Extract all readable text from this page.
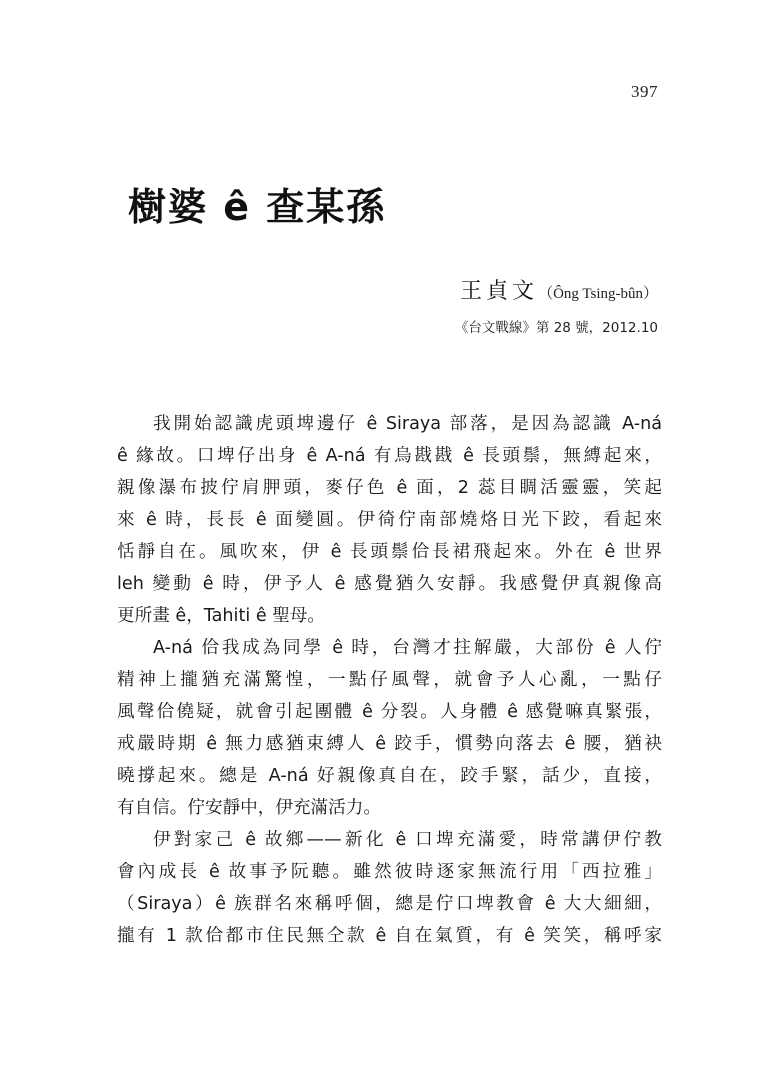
397
樹婆 ê 查某孫
王貞文（Ông Tsing-bûn）
《台文戰線》第 28 號，2012.10
我開始認識虎頭埤邊仔 ê Siraya 部落，是因為認識 A-ná
ê 緣故。口埤仔出身 ê A-ná 有烏戡戡 ê 長頭鬃，無縛起來，
親像瀑布披佇肩胛頭，麥仔色 ê 面，2 蕊目睭活靈靈，笑起
來 ê 時，長長 ê 面變圓。伊徛佇南部燒烙日光下跤，看起來
恬靜自在。風吹來，伊 ê 長頭鬃佮長裙飛起來。外在 ê 世界
leh 變動 ê 時，伊予人 ê 感覺猶久安靜。我感覺伊真親像高
更所畫 ê，Tahiti ê 聖母。
A-ná 佮我成為同學 ê 時，台灣才拄解嚴，大部份 ê 人佇
精神上攏猶充滿驚惶，一點仔風聲，就會予人心亂，一點仔
風聲佮僥疑，就會引起團體 ê 分裂。人身體 ê 感覺嘛真緊張，
戒嚴時期 ê 無力感猶束縛人 ê 跤手，慣勢向落去 ê 腰，猶袂
曉撐起來。總是 A-ná 好親像真自在，跤手緊，話少，直接，
有自信。佇安靜中，伊充滿活力。
伊對家己 ê 故鄉——新化 ê 口埤充滿愛，時常講伊佇教
會內成長 ê 故事予阮聽。雖然彼時逐家無流行用「西拉雅」
（Siraya）ê 族群名來稱呼個，總是佇口埤教會 ê 大大細細，
攏有 1 款佮都市住民無仝款 ê 自在氣質，有 ê 笑笑，稱呼家
